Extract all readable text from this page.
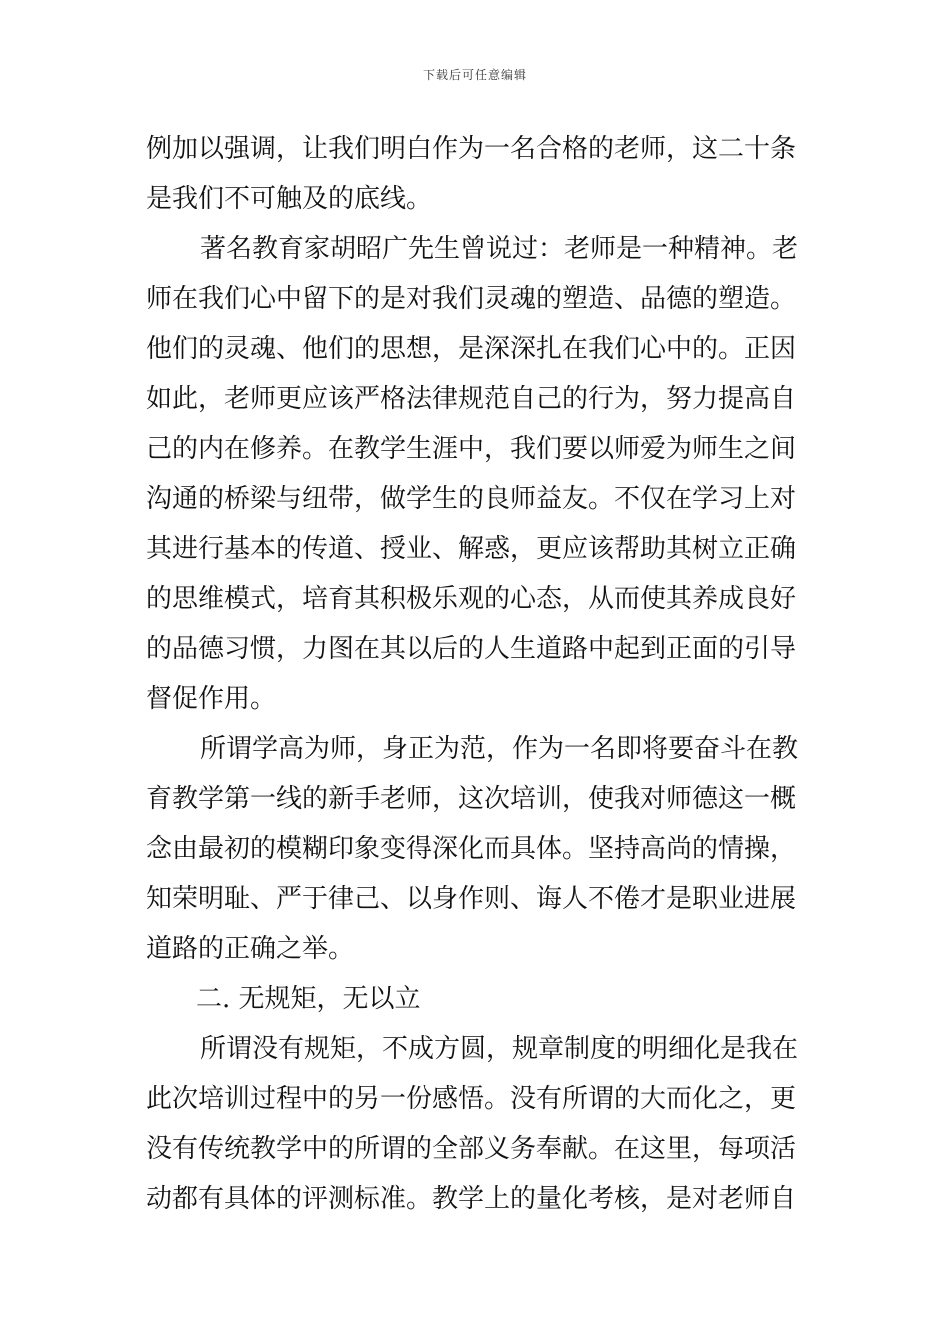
下载后可任意编辑
例加以强调，让我们明白作为一名合格的老师，这二十条
是我们不可触及的底线。
著名教育家胡昭广先生曾说过：老师是一种精神。老
师在我们心中留下的是对我们灵魂的塑造、品德的塑造。
他们的灵魂、他们的思想，是深深扎在我们心中的。正因
如此，老师更应该严格法律规范自己的行为，努力提高自
己的内在修养。在教学生涯中，我们要以师爱为师生之间
沟通的桥梁与纽带，做学生的良师益友。不仅在学习上对
其进行基本的传道、授业、解惑，更应该帮助其树立正确
的思维模式，培育其积极乐观的心态，从而使其养成良好
的品德习惯，力图在其以后的人生道路中起到正面的引导
督促作用。
所谓学高为师，身正为范，作为一名即将要奋斗在教
育教学第一线的新手老师，这次培训，使我对师德这一概
念由最初的模糊印象变得深化而具体。坚持高尚的情操，
知荣明耻、严于律己、以身作则、诲人不倦才是职业进展
道路的正确之举。
二. 无规矩，无以立
所谓没有规矩，不成方圆，规章制度的明细化是我在
此次培训过程中的另一份感悟。没有所谓的大而化之，更
没有传统教学中的所谓的全部义务奉献。在这里，每项活
动都有具体的评测标准。教学上的量化考核，是对老师自
